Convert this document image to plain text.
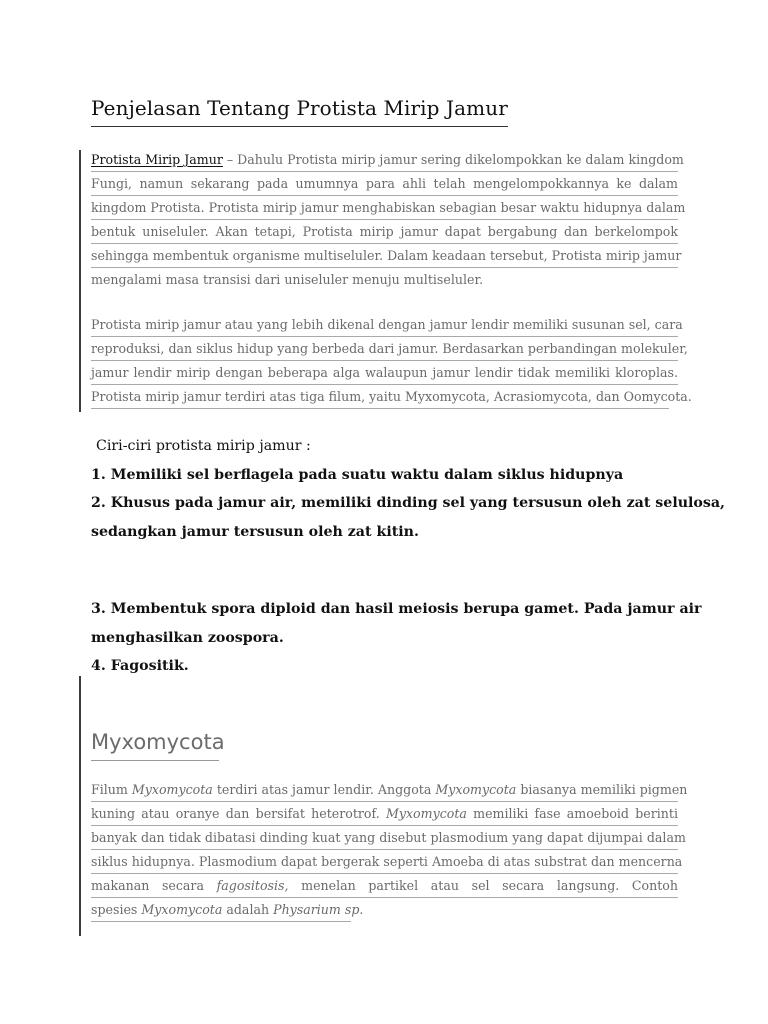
Penjelasan Tentang Protista Mirip Jamur
Protista Mirip Jamur – Dahulu Protista mirip jamur sering dikelompokkan ke dalam kingdom
Fungi, namun sekarang pada umumnya para ahli telah mengelompokkannya ke dalam
kingdom Protista. Protista mirip jamur menghabiskan sebagian besar waktu hidupnya dalam
bentuk uniseluler. Akan tetapi, Protista mirip jamur dapat bergabung dan berkelompok
sehingga membentuk organisme multiseluler. Dalam keadaan tersebut, Protista mirip jamur
mengalami masa transisi dari uniseluler menuju multiseluler.
Protista mirip jamur atau yang lebih dikenal dengan jamur lendir memiliki susunan sel, cara
reproduksi, dan siklus hidup yang berbeda dari jamur. Berdasarkan perbandingan molekuler,
jamur lendir mirip dengan beberapa alga walaupun jamur lendir tidak memiliki kloroplas.
Protista mirip jamur terdiri atas tiga filum, yaitu Myxomycota, Acrasiomycota, dan Oomycota.
Ciri-ciri protista mirip jamur :
1. Memiliki sel berflagela pada suatu waktu dalam siklus hidupnya
2. Khusus pada jamur air, memiliki dinding sel yang tersusun oleh zat selulosa,
sedangkan jamur tersusun oleh zat kitin.
3. Membentuk spora diploid dan hasil meiosis berupa gamet. Pada jamur air
menghasilkan zoospora.
4. Fagositik.
Myxomycota
Filum Myxomycota terdiri atas jamur lendir. Anggota Myxomycota biasanya memiliki pigmen
kuning atau oranye dan bersifat heterotrof. Myxomycota memiliki fase amoeboid berinti
banyak dan tidak dibatasi dinding kuat yang disebut plasmodium yang dapat dijumpai dalam
siklus hidupnya. Plasmodium dapat bergerak seperti Amoeba di atas substrat dan mencerna
makanan secara fagositosis, menelan partikel atau sel secara langsung. Contoh
spesies Myxomycota adalah Physarium sp.
